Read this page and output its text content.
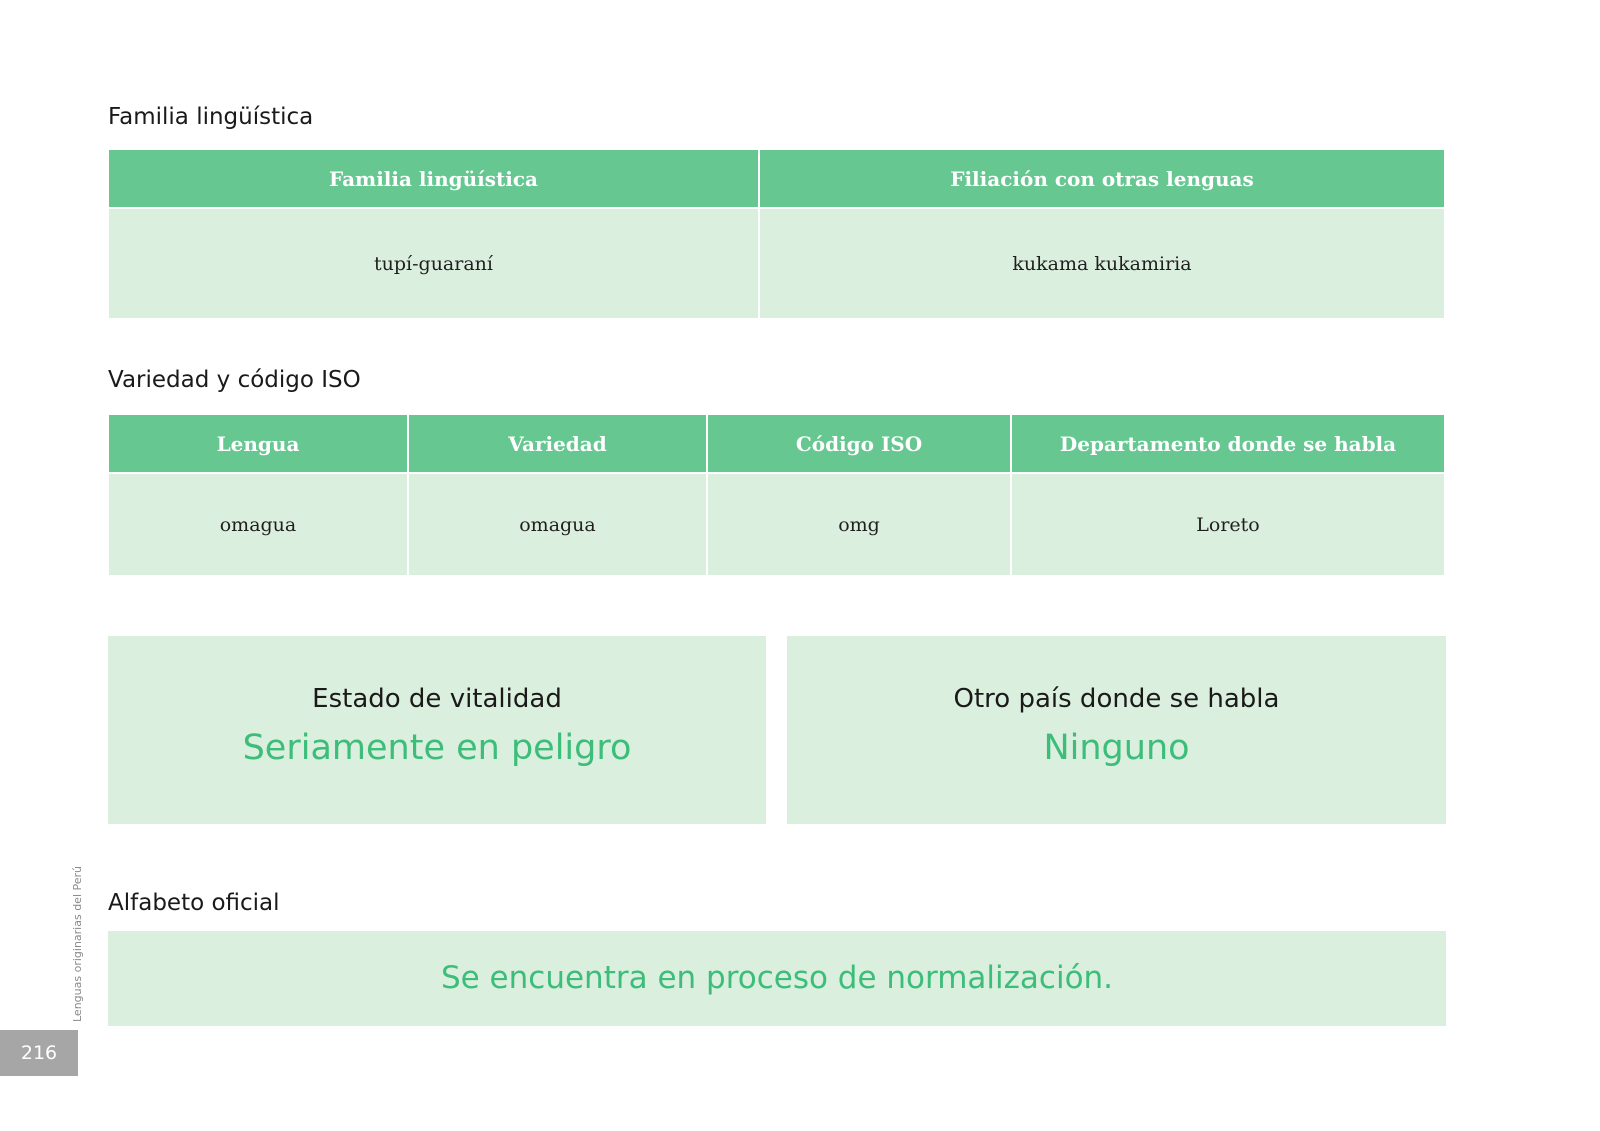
Familia lingüística
Familia lingüística	Filiación con otras lenguas
tupí-guaraní	kukama kukamiria
Variedad y código ISO
Lengua	Variedad	Código ISO	Departamento donde se habla
omagua	omagua	omg	Loreto
Estado de vitalidad
Seriamente en peligro
Otro país donde se habla
Ninguno
Alfabeto oficial
Se encuentra en proceso de normalización.
Lenguas originarias del Perú
216
